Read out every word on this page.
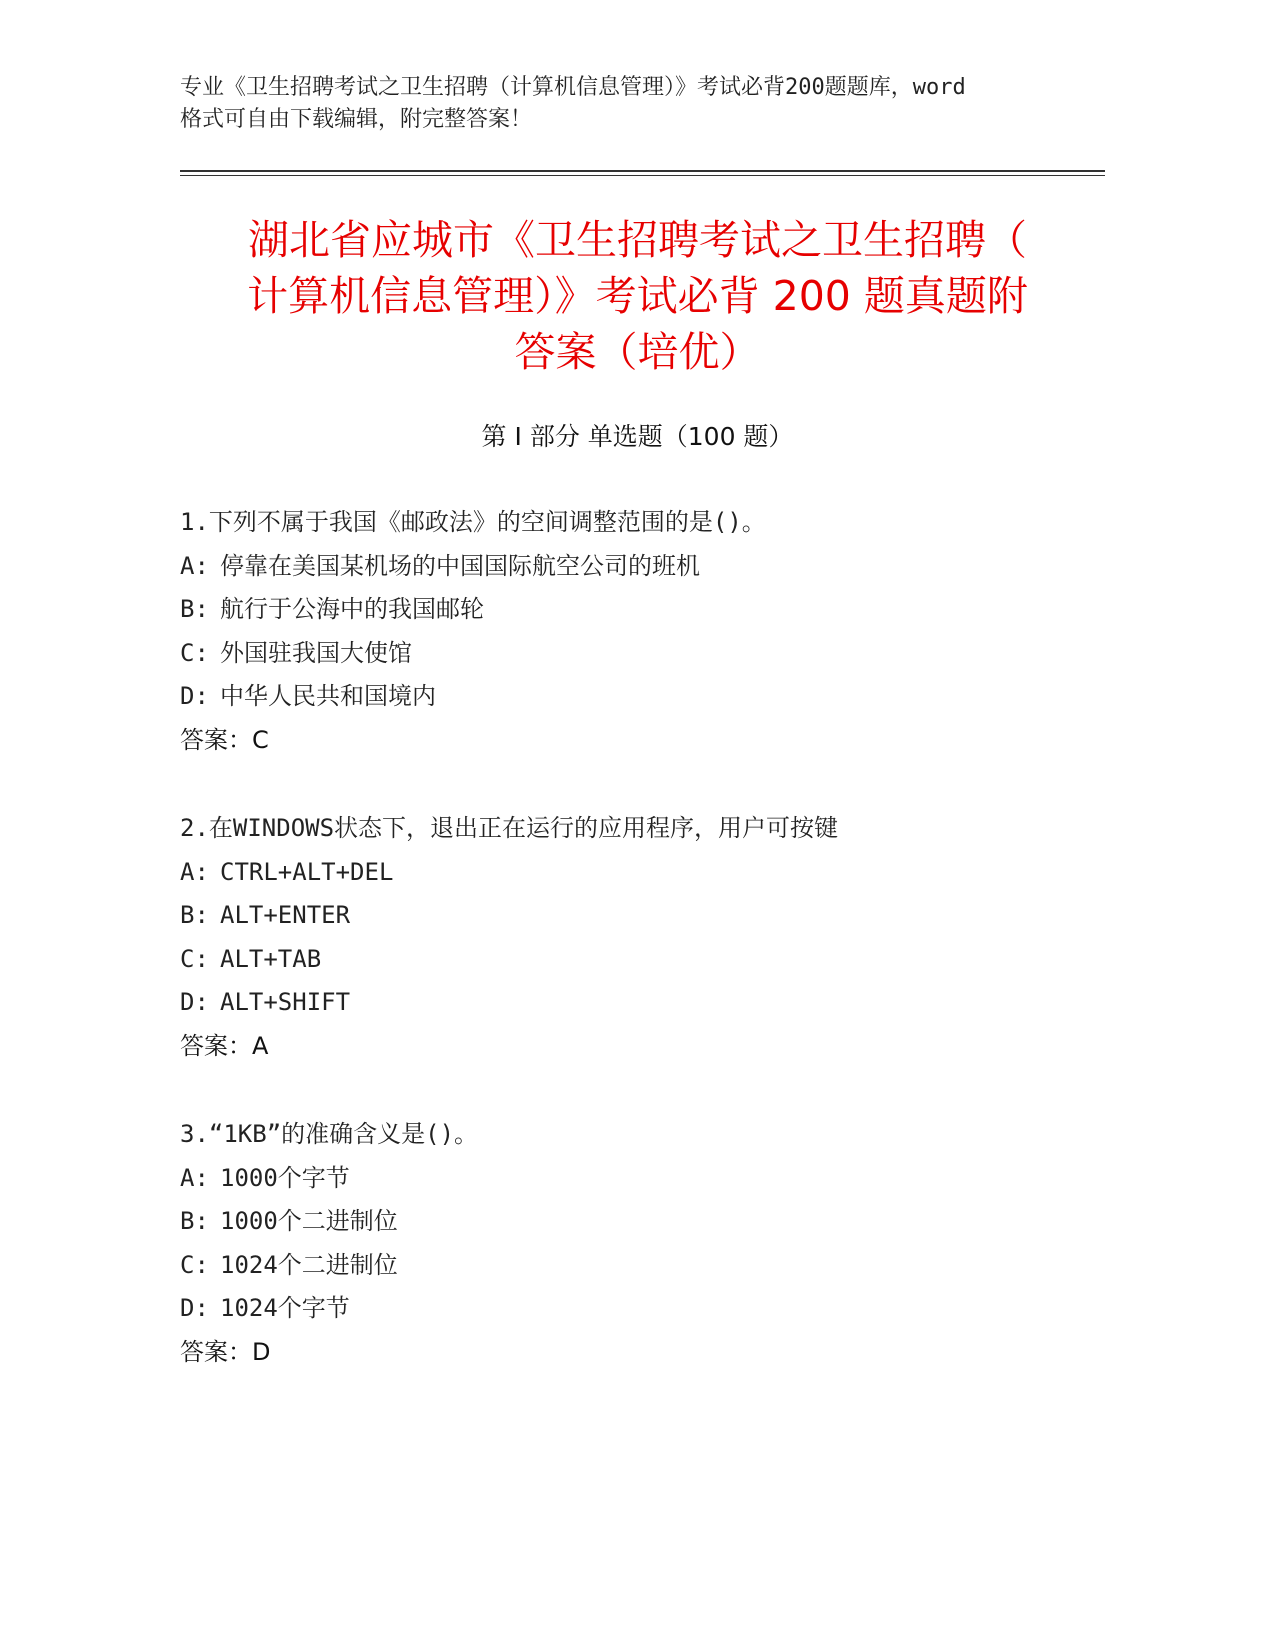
专业《卫生招聘考试之卫生招聘（计算机信息管理）》考试必背200题题库，word
格式可自由下载编辑，附完整答案！
湖北省应城市《卫生招聘考试之卫生招聘（
计算机信息管理）》考试必背 200 题真题附
答案（培优）
第 I 部分 单选题（100 题）
1.下列不属于我国《邮政法》的空间调整范围的是()。
A: 停靠在美国某机场的中国国际航空公司的班机
B: 航行于公海中的我国邮轮
C: 外国驻我国大使馆
D: 中华人民共和国境内
答案：C
2.在WINDOWS状态下，退出正在运行的应用程序，用户可按键
A: CTRL+ALT+DEL
B: ALT+ENTER
C: ALT+TAB
D: ALT+SHIFT
答案：A
3.“1KB”的准确含义是()。
A: 1000个字节
B: 1000个二进制位
C: 1024个二进制位
D: 1024个字节
答案：D
